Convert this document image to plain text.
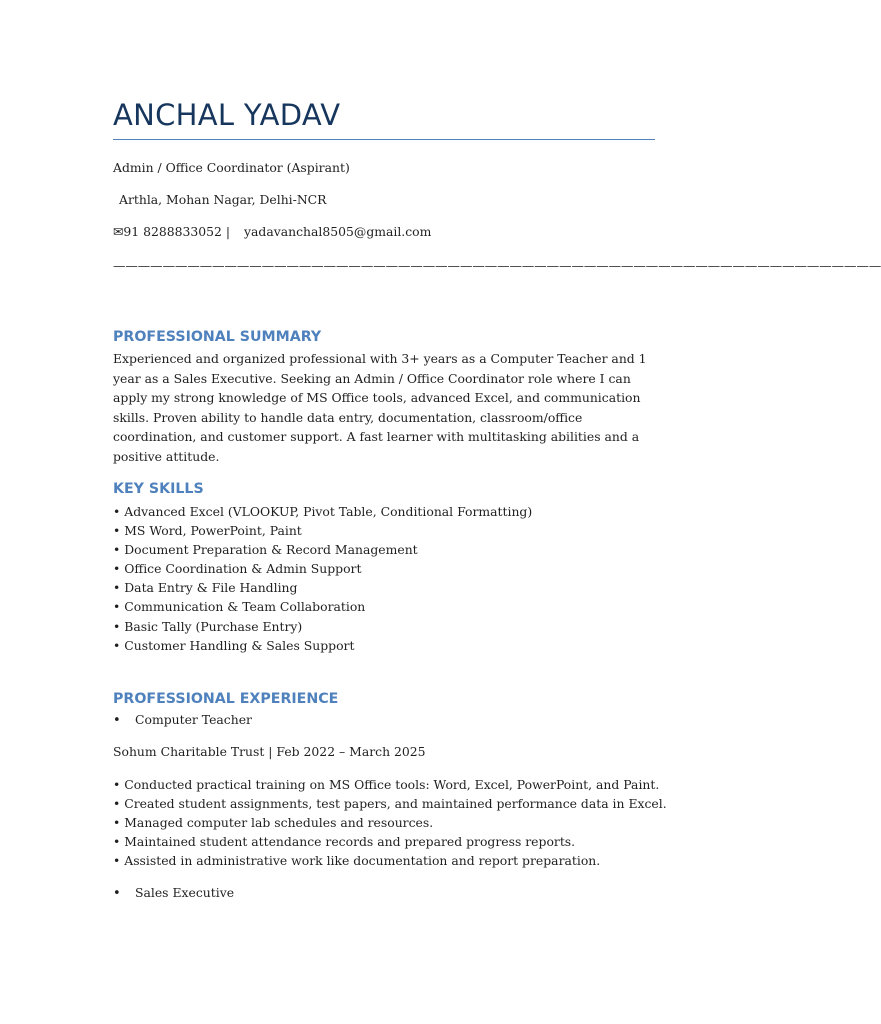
ANCHAL YADAV

Admin / Office Coordinator (Aspirant)

Arthla, Mohan Nagar, Delhi-NCR

✉91 8288833052 | yadavanchal8505@gmail.com

——————————————————————————————————————————————————————————————
PROFESSIONAL SUMMARY

Experienced and organized professional with 3+ years as a Computer Teacher and 1 year as a Sales Executive. Seeking an Admin / Office Coordinator role where I can apply my strong knowledge of MS Office tools, advanced Excel, and communication skills. Proven ability to handle data entry, documentation, classroom/office coordination, and customer support. A fast learner with multitasking abilities and a positive attitude.

KEY SKILLS
• Advanced Excel (VLOOKUP, Pivot Table, Conditional Formatting)
• MS Word, PowerPoint, Paint
• Document Preparation & Record Management
• Office Coordination & Admin Support
• Data Entry & File Handling
• Communication & Team Collaboration
• Basic Tally (Purchase Entry)
• Customer Handling & Sales Support
PROFESSIONAL EXPERIENCE

• Computer Teacher

Sohum Charitable Trust | Feb 2022 – March 2025

• Conducted practical training on MS Office tools: Word, Excel, PowerPoint, and Paint.
• Created student assignments, test papers, and maintained performance data in Excel.
• Managed computer lab schedules and resources.
• Maintained student attendance records and prepared progress reports.
• Assisted in administrative work like documentation and report preparation.

• Sales Executive
